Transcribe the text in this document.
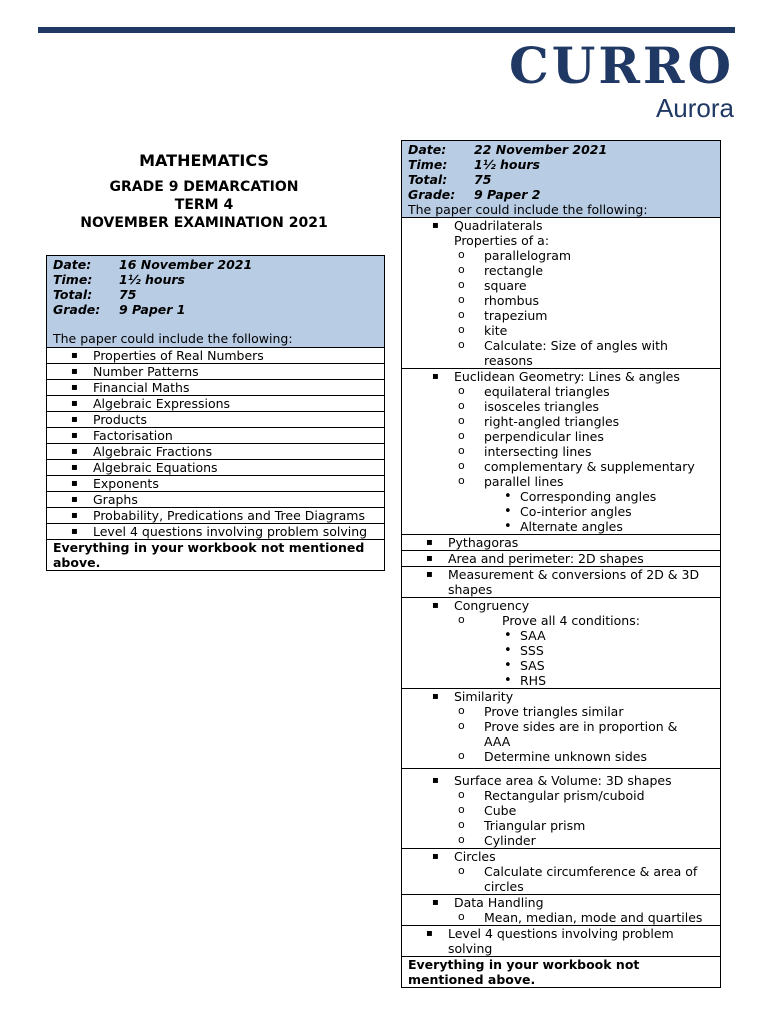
CURRO
Aurora
MATHEMATICS
GRADE 9 DEMARCATION
TERM 4
NOVEMBER EXAMINATION 2021
Date:	16 November 2021
Time:	1½ hours
Total:	75
Grade:	9 Paper 1
The paper could include the following:

▪ Properties of Real Numbers
▪ Number Patterns
▪ Financial Maths
▪ Algebraic Expressions
▪ Products
▪ Factorisation
▪ Algebraic Fractions
▪ Algebraic Equations
▪ Exponents
▪ Graphs
▪ Probability, Predications and Tree Diagrams
▪ Level 4 questions involving problem solving
Everything in your workbook not mentioned above.
Date:	22 November 2021
Time:	1½ hours
Total:	75
Grade:	9 Paper 2
The paper could include the following:

▪ Quadrilaterals
Properties of a:
o parallelogram
o rectangle
o square
o rhombus
o trapezium
o kite
o Calculate: Size of angles with reasons

▪ Euclidean Geometry: Lines & angles
o equilateral triangles
o isosceles triangles
o right-angled triangles
o perpendicular lines
o intersecting lines
o complementary & supplementary
o parallel lines
• Corresponding angles
• Co-interior angles
• Alternate angles

▪ Pythagoras
▪ Area and perimeter: 2D shapes
▪ Measurement & conversions of 2D & 3D shapes

▪ Congruency
o Prove all 4 conditions:
• SAA
• SSS
• SAS
• RHS

▪ Similarity
o Prove triangles similar
o Prove sides are in proportion & AAA
o Determine unknown sides

▪ Surface area & Volume: 3D shapes
o Rectangular prism/cuboid
o Cube
o Triangular prism
o Cylinder

▪ Circles
o Calculate circumference & area of circles

▪ Data Handling
o Mean, median, mode and quartiles

▪ Level 4 questions involving problem solving
Everything in your workbook not mentioned above.
